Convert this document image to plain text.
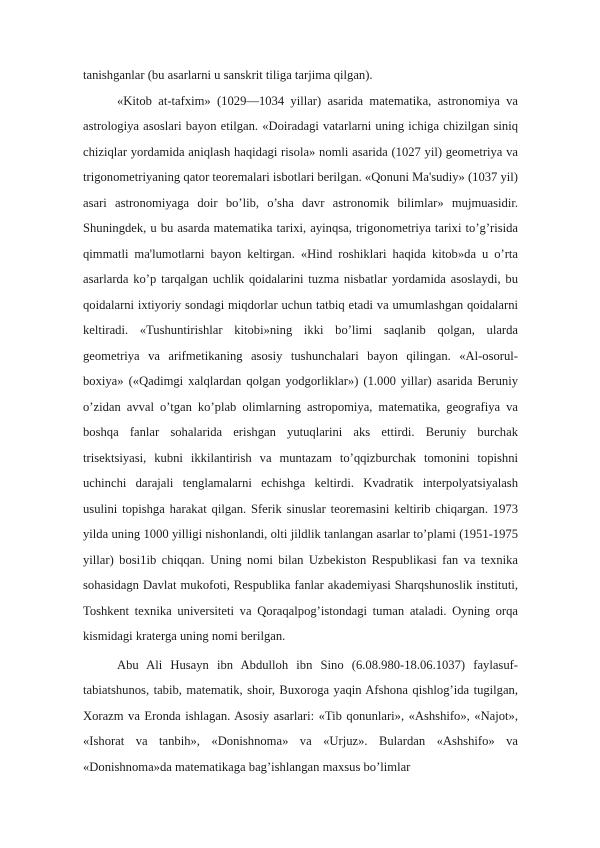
tanishganlar (bu asarlarni u sanskrit tiliga tarjima qilgan).

«Kitob at-tafxim» (1029—1034 yillar) asarida matematika, astronomiya va astrologiya asoslari bayon etilgan. «Doiradagi vatarlarni uning ichiga chizilgan siniq chiziqlar yordamida aniqlash haqidagi risola» nomli asarida (1027 yil) geometriya va trigonometriyaning qator teoremalari isbotlari berilgan. «Qonuni Ma'sudiy» (1037 yil) asari astronomiyaga doir bo’lib, o’sha davr astronomik bilimlar» mujmuasidir. Shuningdek, u bu asarda matematika tarixi, ayinqsa, trigonometriya tarixi to’g’risida qimmatli ma'lumotlarni bayon keltirgan. «Hind roshiklari haqida kitob»da u o’rta asarlarda ko’p tarqalgan uchlik qoidalarini tuzma nisbatlar yordamida asoslaydi, bu qoidalarni ixtiyoriy sondagi miqdorlar uchun tatbiq etadi va umumlashgan qoidalarni keltiradi. «Tushuntirishlar kitobi»ning ikki bo’limi saqlanib qolgan, ularda geometriya va arifmetikaning asosiy tushunchalari bayon qilingan. «Al-osorul-boxiya» («Qadimgi xalqlardan qolgan yodgorliklar») (1.000 yillar) asarida Beruniy o’zidan avval o’tgan ko’plab olimlarning astropomiya, matematika, geografiya va boshqa fanlar sohalarida erishgan yutuqlarini aks ettirdi. Beruniy burchak trisektsiyasi, kubni ikkilantirish va muntazam to’qqizburchak tomonini topishni uchinchi darajali tenglamalarni echishga keltirdi. Kvadratik interpolyatsiyalash usulini topishga harakat qilgan. Sferik sinuslar teoremasini keltirib chiqargan. 1973 yilda uning 1000 yilligi nishonlandi, olti jildlik tanlangan asarlar to’plami (1951-1975 yillar) bosi1ib chiqqan. Uning nomi bilan Uzbekiston Respublikasi fan va texnika sohasidagn Davlat mukofoti, Respublika fanlar akademiyasi Sharqshunoslik instituti, Toshkent texnika universiteti va Qoraqalpog’istondagi tuman ataladi. Oyning orqa kismidagi kraterga uning nomi berilgan.

Abu Ali Husayn ibn Abdulloh ibn Sino (6.08.980-18.06.1037) faylasuf-tabiatshunos, tabib, matematik, shoir, Buxoroga yaqin Afshona qishlog’ida tugilgan, Xorazm va Eronda ishlagan. Asosiy asarlari: «Tib qonunlari», «Ashshifo», «Najot», «Ishorat va tanbih», «Donishnoma» va «Urjuz». Bulardan «Ashshifo» va «Donishnoma»da matematikaga bag’ishlangan maxsus bo’limlar
